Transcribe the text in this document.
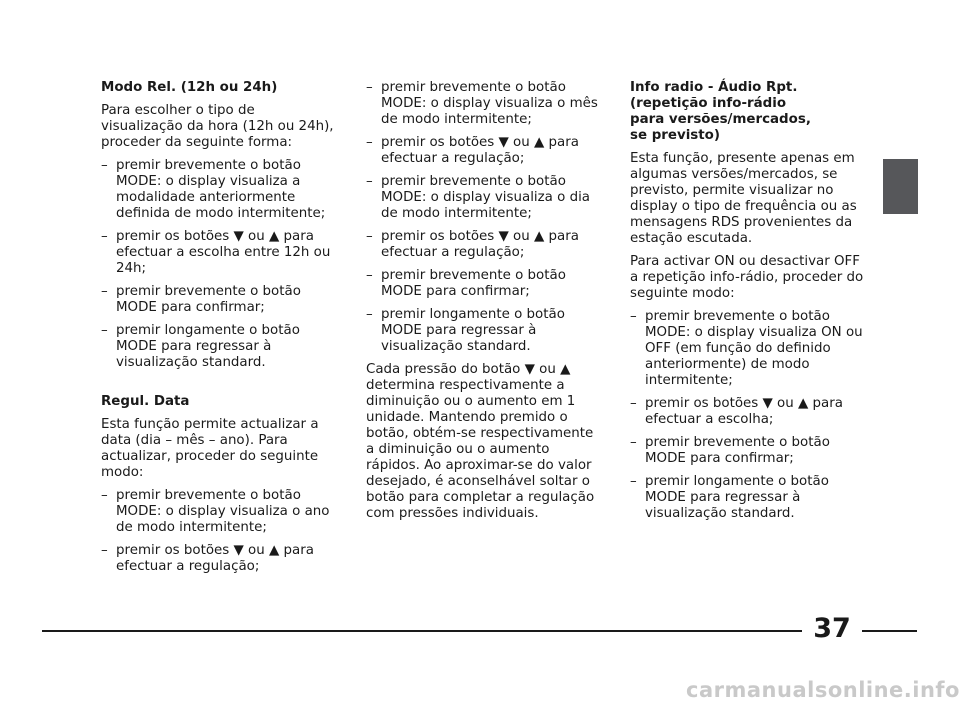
Modo Rel. (12h ou 24h)
Para escolher o tipo de visualização da hora (12h ou 24h), proceder da seguinte forma:
– premir brevemente o botão MODE: o display visualiza a modalidade anteriormente definida de modo intermitente;
– premir os botões ▼ ou ▲ para efectuar a escolha entre 12h ou 24h;
– premir brevemente o botão MODE para confirmar;
– premir longamente o botão MODE para regressar à visualização standard.
Regul. Data
Esta função permite actualizar a data (dia – mês – ano). Para actualizar, proceder do seguinte modo:
– premir brevemente o botão MODE: o display visualiza o ano de modo intermitente;
– premir os botões ▼ ou ▲ para efectuar a regulação;
– premir brevemente o botão MODE: o display visualiza o mês de modo intermitente;
– premir os botões ▼ ou ▲ para efectuar a regulação;
– premir brevemente o botão MODE: o display visualiza o dia de modo intermitente;
– premir os botões ▼ ou ▲ para efectuar a regulação;
– premir brevemente o botão MODE para confirmar;
– premir longamente o botão MODE para regressar à visualização standard.
Cada pressão do botão ▼ ou ▲ determina respectivamente a diminuição ou o aumento em 1 unidade. Mantendo premido o botão, obtém-se respectivamente a diminuição ou o aumento rápidos. Ao aproximar-se do valor desejado, é aconselhável soltar o botão para completar a regulação com pressões individuais.
Info radio - Áudio Rpt.
(repetição info-rádio
para versões/mercados,
se previsto)
Esta função, presente apenas em algumas versões/mercados, se previsto, permite visualizar no display o tipo de frequência ou as mensagens RDS provenientes da estação escutada.
Para activar ON ou desactivar OFF a repetição info-rádio, proceder do seguinte modo:
– premir brevemente o botão MODE: o display visualiza ON ou OFF (em função do definido anteriormente) de modo intermitente;
– premir os botões ▼ ou ▲ para efectuar a escolha;
– premir brevemente o botão MODE para confirmar;
– premir longamente o botão MODE para regressar à visualização standard.
37
carmanualsonline.info
